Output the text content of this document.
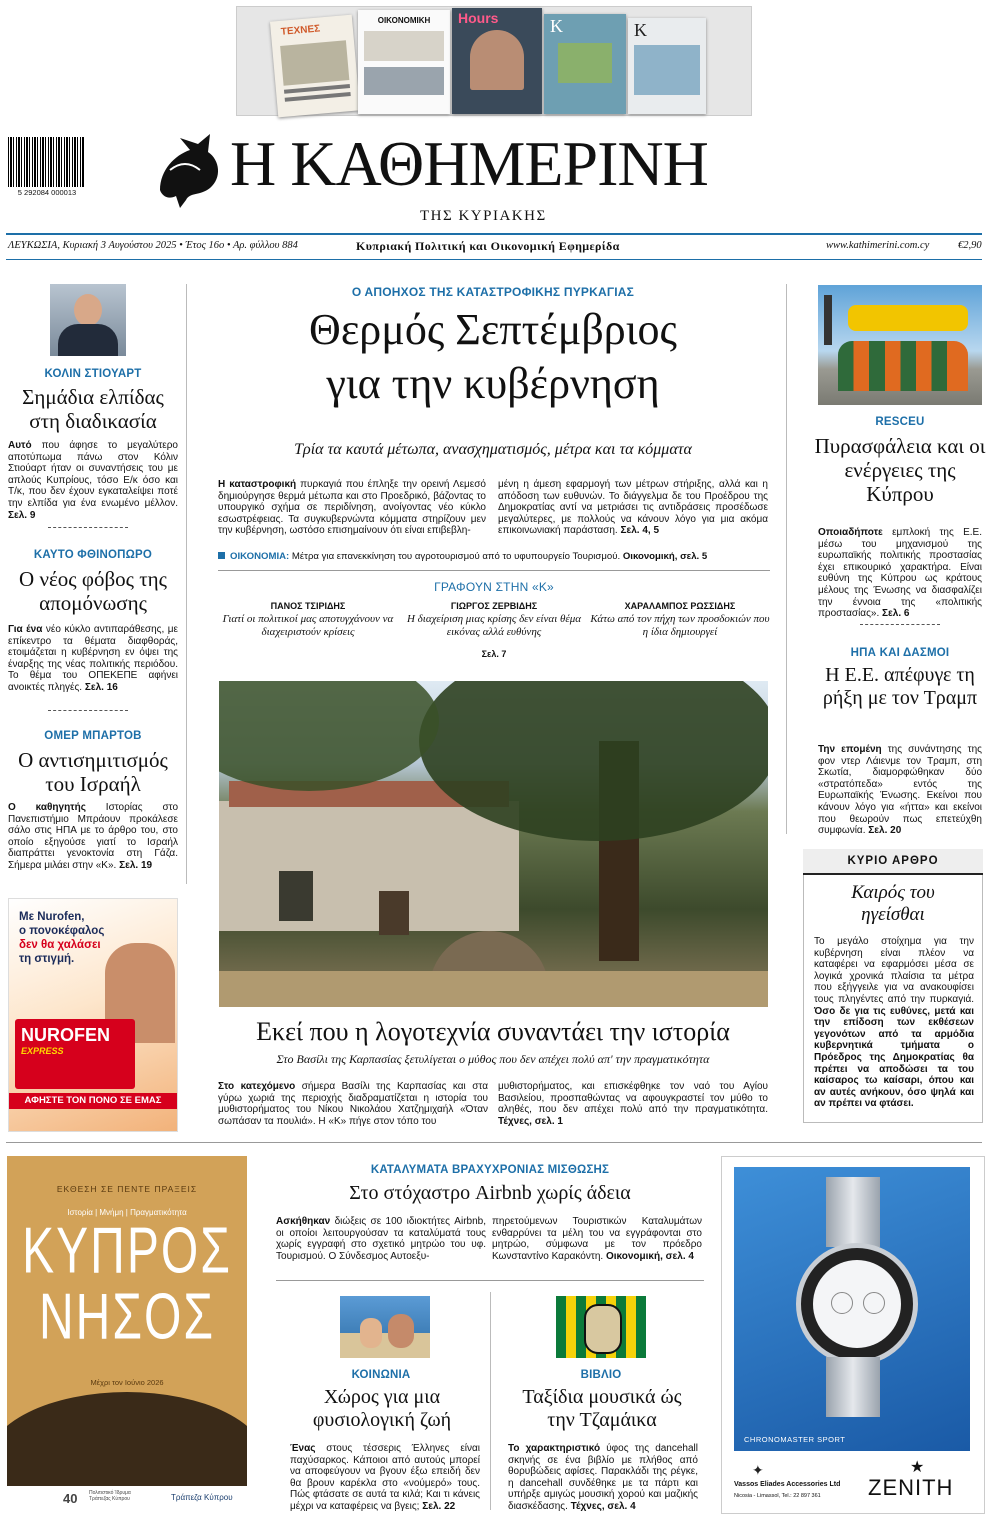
ΤΕΧΝΕΣ
ΟΙΚΟΝΟΜΙΚΗ	Hours	Κ	Κ
5 292084 000013 Η ΚΑΘΗΜΕΡΙΝΗ
ΤΗΣ ΚΥΡΙΑΚΗΣ
ΛΕΥΚΩΣΙΑ, Κυριακή 3 Αυγούστου 2025 • Έτος 16ο • Αρ. φύλλου 884	Κυπριακή Πολιτική και Οικονομική Εφημερίδα	www.kathimerini.com.cy	€2,90
ΚΟΛΙΝ ΣΤΙΟΥΑΡΤ
Σημάδια ελπίδας στη διαδικασία
Αυτό που άφησε το μεγαλύτερο αποτύπωμα πάνω στον Κόλιν Στιούαρτ ήταν οι συναντήσεις του με απλούς Κυπρίους, τόσο Ε/κ όσο και Τ/κ, που δεν έχουν εγκαταλείψει ποτέ την ελπίδα για ένα ενωμένο μέλλον. Σελ. 9
ΚΑΥΤΟ ΦΘΙΝΟΠΩΡΟ
Ο νέος φόβος της απομόνωσης
Για ένα νέο κύκλο αντιπαράθεσης, με επίκεντρο τα θέματα διαφθοράς, ετοιμάζεται η κυβέρνηση εν όψει της έναρξης της νέας πολιτικής περιόδου. Το θέμα του ΟΠΕΚΕΠΕ αφήνει ανοικτές πληγές. Σελ. 16
ΟΜΕΡ ΜΠΑΡΤΟΒ
Ο αντισημιτισμός του Ισραήλ
Ο καθηγητής Ιστορίας στο Πανεπιστήμιο Μπράουν προκάλεσε σάλο στις ΗΠΑ με το άρθρο του, στο οποίο εξηγούσε γιατί το Ισραήλ διαπράττει γενοκτονία στη Γάζα. Σήμερα μιλάει στην «Κ». Σελ. 19
Με Nurofen,
ο πονοκέφαλος
δεν θα χαλάσει
τη στιγμή.
NUROFEN
EXPRESS
ΑΦΗΣΤΕ ΤΟΝ ΠΟΝΟ ΣΕ ΕΜΑΣ
Ο ΑΠΟΗΧΟΣ ΤΗΣ ΚΑΤΑΣΤΡΟΦΙΚΗΣ ΠΥΡΚΑΓΙΑΣ
Θερμός Σεπτέμβριος
για την κυβέρνηση
Τρία τα καυτά μέτωπα, ανασχηματισμός, μέτρα και τα κόμματα
Η καταστροφική πυρκαγιά που έπληξε την ορεινή Λεμεσό δημιούργησε θερμά μέτωπα και στο Προεδρικό, βάζοντας το υπουργικό σχήμα σε περιδίνηση, ανοίγοντας νέο κύκλο εσωστρέφειας. Τα συγκυβερνώντα κόμματα στηρίζουν μεν την κυβέρνηση, ωστόσο επισημαίνουν ότι είναι επιβεβλη-
μένη η άμεση εφαρμογή των μέτρων στήριξης, αλλά και η απόδοση των ευθυνών. Το διάγγελμα δε του Προέδρου της Δημοκρατίας αντί να μετριάσει τις αντιδράσεις προσέδωσε μεγαλύτερες, με πολλούς να κάνουν λόγο για μια ακόμα επικοινωνιακή παράσταση. Σελ. 4, 5
ΟΙΚΟΝΟΜΙΑ: Μέτρα για επανεκκίνηση του αγροτουρισμού από το υφυπουργείο Τουρισμού. Οικονομική, σελ. 5
ΓΡΑΦΟΥΝ ΣΤΗΝ «Κ»
ΠΑΝΟΣ ΤΣΙΡΙΔΗΣ
Γιατί οι πολιτικοί μας αποτυγχάνουν να διαχειριστούν κρίσεις
ΓΙΩΡΓΟΣ ΖΕΡΒΙΔΗΣ
Η διαχείριση μιας κρίσης δεν είναι θέμα εικόνας αλλά ευθύνης
ΧΑΡΑΛΑΜΠΟΣ ΡΩΣΣΙΔΗΣ
Κάτω από τον πήχη των προσδοκιών που η ίδια δημιουργεί
Σελ. 7
Εκεί που η λογοτεχνία συναντάει την ιστορία
Στο Βασίλι της Καρπασίας ξετυλίγεται ο μύθος που δεν απέχει πολύ απ' την πραγματικότητα
Στο κατεχόμενο σήμερα Βασίλι της Καρπασίας και στα γύρω χωριά της περιοχής διαδραματίζεται η ιστορία του μυθιστορήματος του Νίκου Νικολάου Χατζημιχαήλ «Όταν σωπάσαν τα πουλιά». Η «Κ» πήγε στον τόπο του
μυθιστορήματος, και επισκέφθηκε τον ναό του Αγίου Βασιλείου, προσπαθώντας να αφουγκραστεί τον μύθο το αληθές, που δεν απέχει πολύ από την πραγματικότητα. Τέχνες, σελ. 1
RESCEU
Πυρασφάλεια και οι ενέργειες της Κύπρου
Οποιαδήποτε εμπλοκή της Ε.Ε. μέσω του μηχανισμού της ευρωπαϊκής πολιτικής προστασίας έχει επικουρικό χαρακτήρα. Είναι ευθύνη της Κύπρου ως κράτους μέλους της Ένωσης να διασφαλίζει την έννοια της «πολιτικής προστασίας». Σελ. 6
ΗΠΑ ΚΑΙ ΔΑΣΜΟΙ
Η Ε.Ε. απέφυγε τη ρήξη με τον Τραμπ
Την επομένη της συνάντησης της φον ντερ Λάιενμε τον Τραμπ, στη Σκωτία, διαμορφώθηκαν δύο «στρατόπεδα» εντός της Ευρωπαϊκής Ένωσης. Εκείνοι που κάνουν λόγο για «ήττα» και εκείνοι που θεωρούν πως επετεύχθη συμφωνία. Σελ. 20
ΚΥΡΙΟ ΑΡΘΡΟ
Καιρός του ηγείσθαι
Το μεγάλο στοίχημα για την κυβέρνηση είναι πλέον να καταφέρει να εφαρμόσει μέσα σε λογικά χρονικά πλαίσια τα μέτρα που εξήγγειλε για να ανακουφίσει τους πληγέντες από την πυρκαγιά. Όσο δε για τις ευθύνες, μετά και την επίδοση των εκθέσεων γεγονότων από τα αρμόδια κυβερνητικά τμήματα ο Πρόεδρος της Δημοκρατίας θα πρέπει να αποδώσει τα του καίσαρος τω καίσαρι, όπου και αν αυτές ανήκουν, όσο ψηλά και αν πρέπει να φτάσει.
ΕΚΘΕΣΗ ΣΕ ΠΕΝΤΕ ΠΡΑΞΕΙΣ
Ιστορία | Μνήμη | Πραγματικότητα
ΚΥΠΡΟΣ
ΝΗΣΟΣ
Μέχρι τον Ιούνιο 2026
40 Πολιτιστικό Ίδρυμα Τράπεζας Κύπρου	Τράπεζα Κύπρου
ΚΑΤΑΛΥΜΑΤΑ ΒΡΑΧΥΧΡΟΝΙΑΣ ΜΙΣΘΩΣΗΣ
Στο στόχαστρο Airbnb χωρίς άδεια
Ασκήθηκαν διώξεις σε 100 ιδιοκτήτες Airbnb, οι οποίοι λειτουργούσαν τα καταλύματά τους χωρίς εγγραφή στο σχετικό μητρώο του υφ. Τουρισμού. Ο Σύνδεσμος Αυτοεξυ-
πηρετούμενων Τουριστικών Καταλυμάτων ενθαρρύνει τα μέλη του να εγγράφονται στο μητρώο, σύμφωνα με τον πρόεδρο Κωνσταντίνο Καρακόντη. Οικονομική, σελ. 4
ΚΟΙΝΩΝΙΑ
Χώρος για μια φυσιολογική ζωή
Ένας στους τέσσερις Έλληνες είναι παχύσαρκος. Κάποιοι από αυτούς μπορεί να αποφεύγουν να βγουν έξω επειδή δεν θα βρουν καρέκλα στο «νούμερό» τους. Πώς φτάσατε σε αυτά τα κιλά; Και τι κάνεις μέχρι να καταφέρεις να βγεις; Σελ. 22
ΒΙΒΛΙΟ
Ταξίδια μουσικά ώς την Τζαμάικα
Το χαρακτηριστικό ύφος της dancehall σκηνής σε ένα βιβλίο με πλήθος από θορυβώδεις αφίσες. Παρακλάδι της ρέγκε, η dancehall συνδέθηκε με τα πάρτι και υπήρξε αμιγώς μουσική χορού και μαζικής διασκέδασης. Τέχνες, σελ. 4
CHRONOMASTER SPORT
✦
Vassos Eliades Accessories Ltd
Nicosia - Limassol, Tel.: 22 897 361
★
ZENITH
